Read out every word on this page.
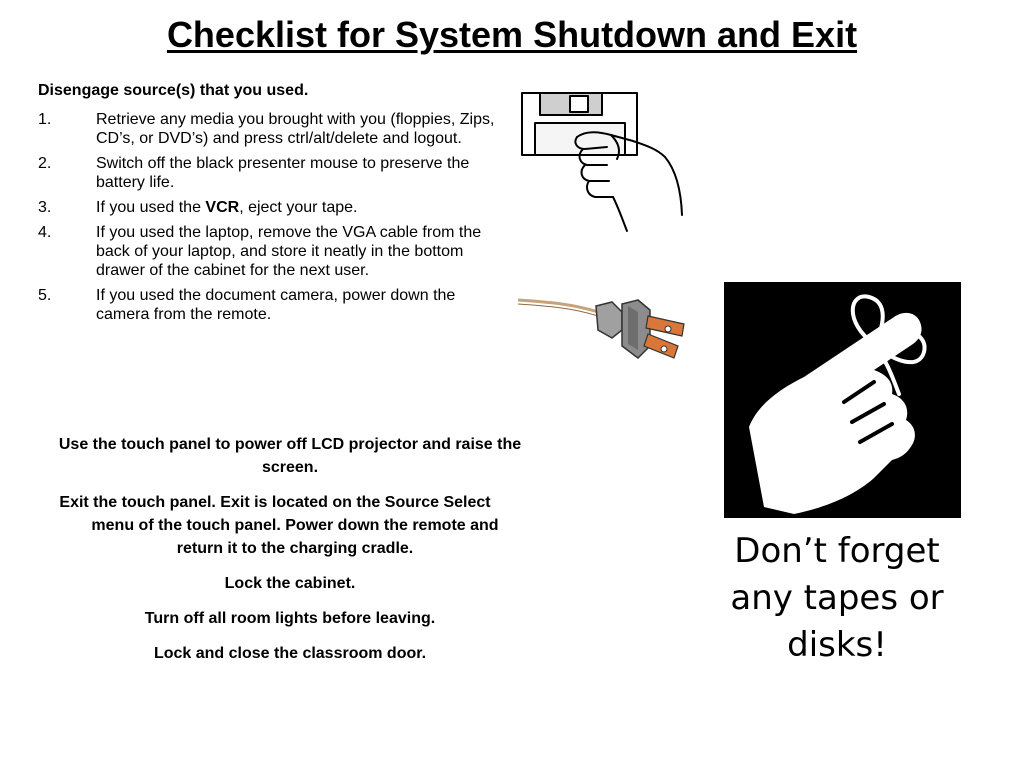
Checklist for System Shutdown and Exit
Disengage source(s) that you used.
1.	Retrieve any media you brought with you (floppies, Zips, CD’s, or DVD’s) and press ctrl/alt/delete and logout.
2.	Switch off the black presenter mouse to preserve the battery life.
3.	If you used the VCR, eject your tape.
4.	If you used the laptop, remove the VGA cable from the back of your laptop, and store it neatly in the bottom drawer of the cabinet for the next user.
5.	If you used the document camera, power down the camera from the remote.

Use the touch panel to power off LCD projector and raise the screen.

Exit the touch panel. Exit is located on the Source Select menu of the touch panel. Power down the remote and return it to the charging cradle.

Lock the cabinet.

Turn off all room lights before leaving.

Lock and close the classroom door.

Don’t forget any tapes or disks!
